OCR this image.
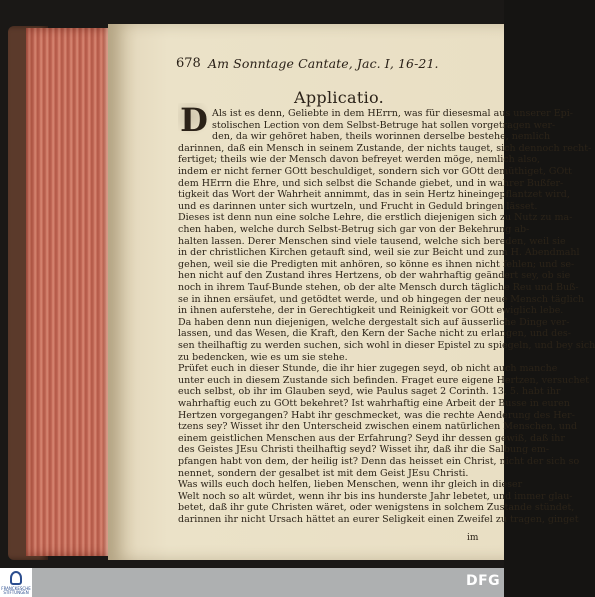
678 Am Sonntage Cantate, Jac. I, 16-21.
Applicatio.
D Als ist es denn, Geliebte in dem HErrn, was für diesesmal aus unserer Epi-
stolischen Lection von dem Selbst-Betruge hat sollen vorgetragen wer-
den, da wir gehöret haben, theils worinnen derselbe bestehe, nemlich
darinnen, daß ein Mensch in seinem Zustande, der nichts tauget, sich dennoch recht-
fertiget; theils wie der Mensch davon befreyet werden möge, nemlich also,
indem er nicht ferner GOtt beschuldiget, sondern sich vor GOtt demüthiget, GOtt
dem HErrn die Ehre, und sich selbst die Schande giebet, und in wahrer Bußfer-
tigkeit das Wort der Wahrheit annimmt, das in sein Hertz hineingepflantzet wird,
und es darinnen unter sich wurtzeln, und Frucht in Geduld bringen lässet.
Dieses ist denn nun eine solche Lehre, die erstlich diejenigen sich zu Nutz zu ma-
chen haben, welche durch Selbst-Betrug sich gar von der Bekehrung ab-
halten lassen. Derer Menschen sind viele tausend, welche sich bereden, weil sie
in der christlichen Kirchen getauft sind, weil sie zur Beicht und zum H. Abendmahl
gehen, weil sie die Predigten mit anhören, so könne es ihnen nicht fehlen; und se-
hen nicht auf den Zustand ihres Hertzens, ob der wahrhaftig geändert sey, ob sie
noch in ihrem Tauf-Bunde stehen, ob der alte Mensch durch tägliche Reu und Buß-
se in ihnen ersäufet, und getödtet werde, und ob hingegen der neue Mensch täglich
in ihnen auferstehe, der in Gerechtigkeit und Reinigkeit vor GOtt ewiglich lebe.
Da haben denn nun diejenigen, welche dergestalt sich auf äusserliche Dinge ver-
lassen, und das Wesen, die Kraft, den Kern der Sache nicht zu erlangen, und des-
sen theilhaftig zu werden suchen, sich wohl in dieser Epistel zu spiegeln, und bey sich
zu bedencken, wie es um sie stehe.
Prüfet euch in dieser Stunde, die ihr hier zugegen seyd, ob nicht auch manche
unter euch in diesem Zustande sich befinden. Fraget eure eigene Hertzen, versuchet
euch selbst, ob ihr im Glauben seyd, wie Paulus saget 2 Corinth. 13, 5. habt ihr
wahrhaftig euch zu GOtt bekehret? Ist wahrhaftig eine Arbeit der Busse in euren
Hertzen vorgegangen? Habt ihr geschmecket, was die rechte Aenderung des Her-
tzens sey? Wisset ihr den Unterscheid zwischen einem natürlichen Menschen, und
einem geistlichen Menschen aus der Erfahrung? Seyd ihr dessen gewiß, daß ihr
des Geistes JEsu Christi theilhaftig seyd? Wisset ihr, daß ihr die Salbung em-
pfangen habt von dem, der heilig ist? Denn das heisset ein Christ, nicht der sich so
nennet, sondern der gesalbet ist mit dem Geist JEsu Christi.
Was wills euch doch helfen, lieben Menschen, wenn ihr gleich in dieser
Welt noch so alt würdet, wenn ihr bis ins hunderste Jahr lebetet, und immer glau-
betet, daß ihr gute Christen wäret, oder wenigstens in solchem Zustande stündet,
darinnen ihr nicht Ursach hättet an eurer Seligkeit einen Zweifel zu tragen, ginget
im
FRANCKESCHE STIFTUNGEN
DFG
